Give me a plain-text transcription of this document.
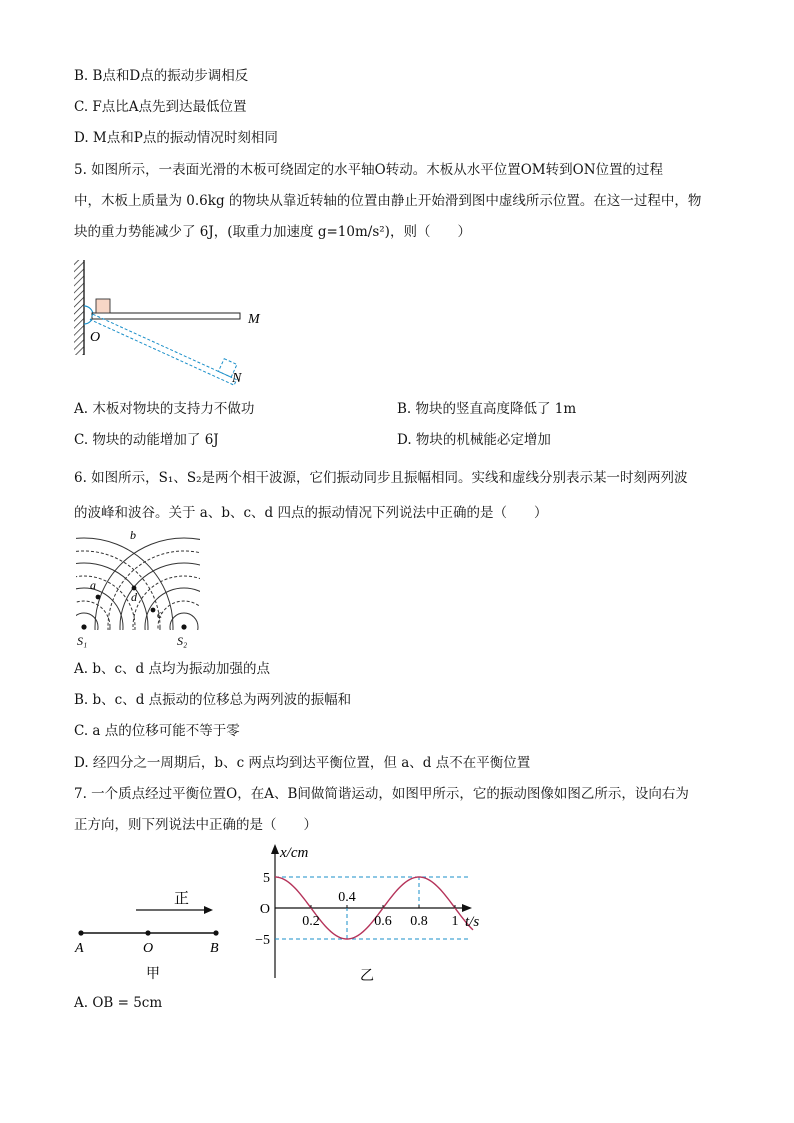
B. B点和D点的振动步调相反
C. F点比A点先到达最低位置
D. M点和P点的振动情况时刻相同
5. 如图所示，一表面光滑的木板可绕固定的水平轴O转动。木板从水平位置OM转到ON位置的过程
中，木板上质量为 0.6kg 的物块从靠近转轴的位置由静止开始滑到图中虚线所示位置。在这一过程中，物
块的重力势能减少了 6J，(取重力加速度 g=10m/s²)，则（　　）
O
M
N
A. 木板对物块的支持力不做功	B. 物块的竖直高度降低了 1m
C. 物块的动能增加了 6J	D. 物块的机械能必定增加
6. 如图所示，S₁、S₂是两个相干波源，它们振动同步且振幅相同。实线和虚线分别表示某一时刻两列波
的波峰和波谷。关于 a、b、c、d 四点的振动情况下列说法中正确的是（　　）
b
a
d
c
S₁	S₂
A. b、c、d 点均为振动加强的点
B. b、c、d 点振动的位移总为两列波的振幅和
C. a 点的位移可能不等于零
D. 经四分之一周期后，b、c 两点均到达平衡位置，但 a、d 点不在平衡位置
7. 一个质点经过平衡位置O，在A、B间做简谐运动，如图甲所示，它的振动图像如图乙所示，设向右为
正方向，则下列说法中正确的是（　　）
正
A	O	B
甲
5
O
−5
0.2
0.4
0.6 0.8 1
x/cm
t/s
乙
A. OB = 5cm
